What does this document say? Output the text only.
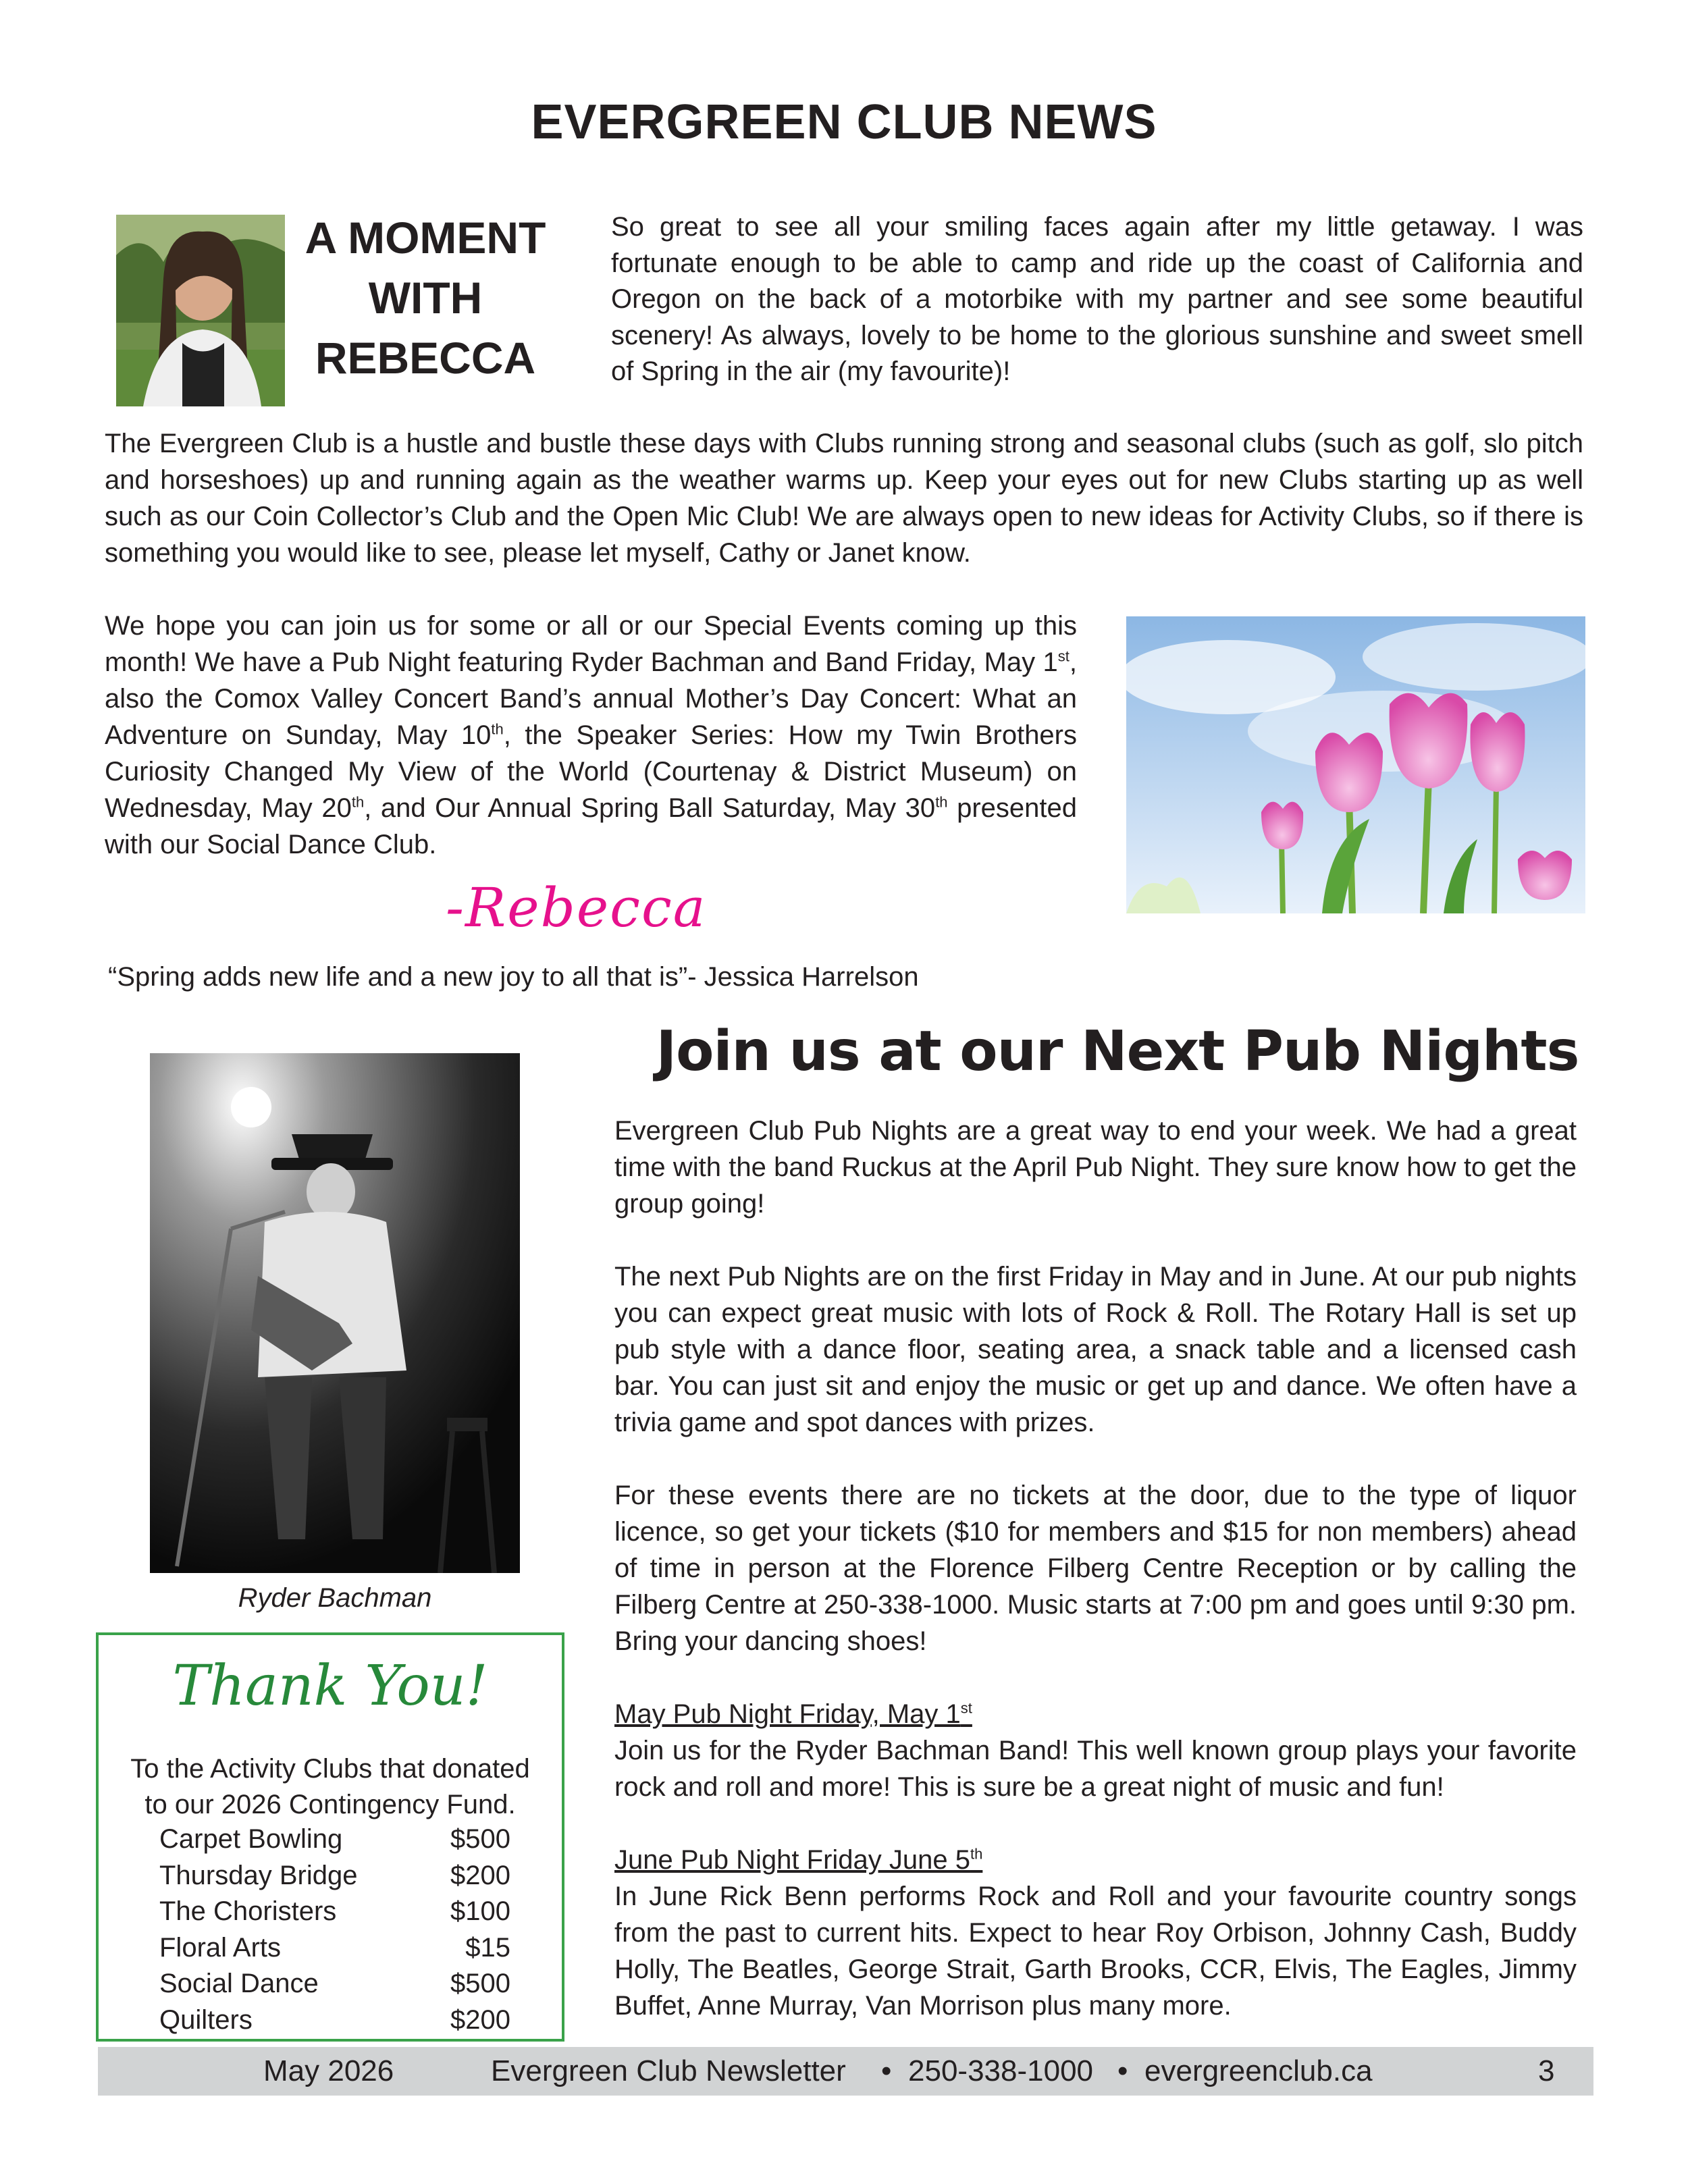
EVERGREEN CLUB NEWS
A MOMENT
WITH
REBECCA
So great to see all your smiling faces again after my little getaway. I was fortunate enough to be able to camp and ride up the coast of California and Oregon on the back of a motorbike with my partner and see some beautiful scenery! As always, lovely to be home to the glorious sunshine and sweet smell of Spring in the air (my favourite)!
The Evergreen Club is a hustle and bustle these days with Clubs running strong and seasonal clubs (such as golf, slo pitch and horseshoes) up and running again as the weather warms up. Keep your eyes out for new Clubs starting up as well such as our Coin Collector’s Club and the Open Mic Club! We are always open to new ideas for Activity Clubs, so if there is something you would like to see, please let myself, Cathy or Janet know.
We hope you can join us for some or all or our Special Events coming up this month! We have a Pub Night featuring Ryder Bachman and Band Friday, May 1st, also the Comox Valley Concert Band’s annual Mother’s Day Concert: What an Adventure on Sunday, May 10th, the Speaker Series: How my Twin Brothers Curiosity Changed My View of the World (Courtenay & District Museum) on Wednesday, May 20th, and Our Annual Spring Ball Saturday, May 30th presented with our Social Dance Club.
-Rebecca
“Spring adds new life and a new joy to all that is”- Jessica Harrelson
Ryder Bachman
Join us at our Next Pub Nights

Evergreen Club Pub Nights are a great way to end your week. We had a great time with the band Ruckus at the April Pub Night. They sure know how to get the group going!

The next Pub Nights are on the first Friday in May and in June. At our pub nights you can expect great music with lots of Rock & Roll. The Rotary Hall is set up pub style with a dance floor, seating area, a snack table and a licensed cash bar. You can just sit and enjoy the music or get up and dance. We often have a trivia game and spot dances with prizes.

For these events there are no tickets at the door, due to the type of liquor licence, so get your tickets ($10 for members and $15 for non members) ahead of time in person at the Florence Filberg Centre Reception or by calling the Filberg Centre at 250-338-1000. Music starts at 7:00 pm and goes until 9:30 pm. Bring your dancing shoes!

May Pub Night Friday, May 1st
Join us for the Ryder Bachman Band! This well known group plays your favorite rock and roll and more! This is sure be a great night of music and fun!

June Pub Night Friday June 5th
In June Rick Benn performs Rock and Roll and your favourite country songs from the past to current hits. Expect to hear Roy Orbison, Johnny Cash, Buddy Holly, The Beatles, George Strait, Garth Brooks, CCR, Elvis, The Eagles, Jimmy Buffet, Anne Murray, Van Morrison plus many more.

Thank You!
To the Activity Clubs that donated
to our 2026 Contingency Fund.
Carpet Bowling	$500
Thursday Bridge	$200
The Choristers	$100
Floral Arts	$15
Social Dance	$500
Quilters	$200
May 2026	Evergreen Club Newsletter • 250-338-1000 • evergreenclub.ca	3
